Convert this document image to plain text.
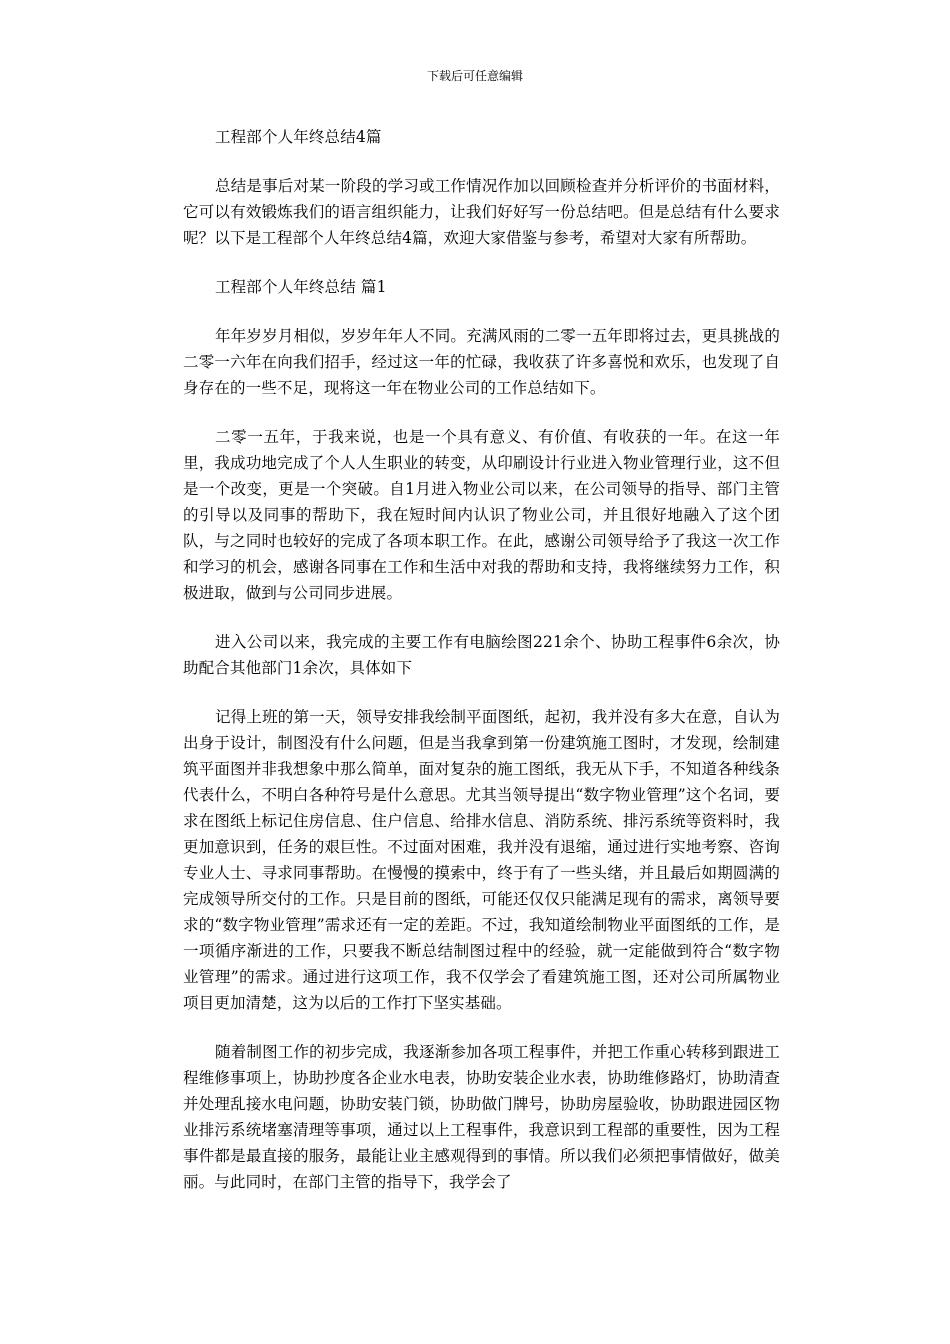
下载后可任意编辑
工程部个人年终总结4篇

总结是事后对某一阶段的学习或工作情况作加以回顾检查并分析评价的书面材料，它可以有效锻炼我们的语言组织能力，让我们好好写一份总结吧。但是总结有什么要求呢？以下是工程部个人年终总结4篇，欢迎大家借鉴与参考，希望对大家有所帮助。

工程部个人年终总结 篇1

年年岁岁月相似，岁岁年年人不同。充满风雨的二零一五年即将过去，更具挑战的二零一六年在向我们招手，经过这一年的忙碌，我收获了许多喜悦和欢乐，也发现了自身存在的一些不足，现将这一年在物业公司的工作总结如下。

二零一五年，于我来说，也是一个具有意义、有价值、有收获的一年。在这一年里，我成功地完成了个人人生职业的转变，从印刷设计行业进入物业管理行业，这不但是一个改变，更是一个突破。自1月进入物业公司以来，在公司领导的指导、部门主管的引导以及同事的帮助下，我在短时间内认识了物业公司，并且很好地融入了这个团队，与之同时也较好的完成了各项本职工作。在此，感谢公司领导给予了我这一次工作和学习的机会，感谢各同事在工作和生活中对我的帮助和支持，我将继续努力工作，积极进取，做到与公司同步进展。

进入公司以来，我完成的主要工作有电脑绘图221余个、协助工程事件6余次，协助配合其他部门1余次，具体如下

记得上班的第一天，领导安排我绘制平面图纸，起初，我并没有多大在意，自认为出身于设计，制图没有什么问题，但是当我拿到第一份建筑施工图时，才发现，绘制建筑平面图并非我想象中那么简单，面对复杂的施工图纸，我无从下手，不知道各种线条代表什么，不明白各种符号是什么意思。尤其当领导提出“数字物业管理”这个名词，要求在图纸上标记住房信息、住户信息、给排水信息、消防系统、排污系统等资料时，我更加意识到，任务的艰巨性。不过面对困难，我并没有退缩，通过进行实地考察、咨询专业人士、寻求同事帮助。在慢慢的摸索中，终于有了一些头绪，并且最后如期圆满的完成领导所交付的工作。只是目前的图纸，可能还仅仅只能满足现有的需求，离领导要求的“数字物业管理”需求还有一定的差距。不过，我知道绘制物业平面图纸的工作，是一项循序渐进的工作，只要我不断总结制图过程中的经验，就一定能做到符合“数字物业管理”的需求。通过进行这项工作，我不仅学会了看建筑施工图，还对公司所属物业项目更加清楚，这为以后的工作打下坚实基础。

随着制图工作的初步完成，我逐渐参加各项工程事件，并把工作重心转移到跟进工程维修事项上，协助抄度各企业水电表，协助安装企业水表，协助维修路灯，协助清查并处理乱接水电问题，协助安装门锁，协助做门牌号，协助房屋验收，协助跟进园区物业排污系统堵塞清理等事项，通过以上工程事件，我意识到工程部的重要性，因为工程事件都是最直接的服务，最能让业主感观得到的事情。所以我们必须把事情做好，做美丽。与此同时，在部门主管的指导下，我学会了
